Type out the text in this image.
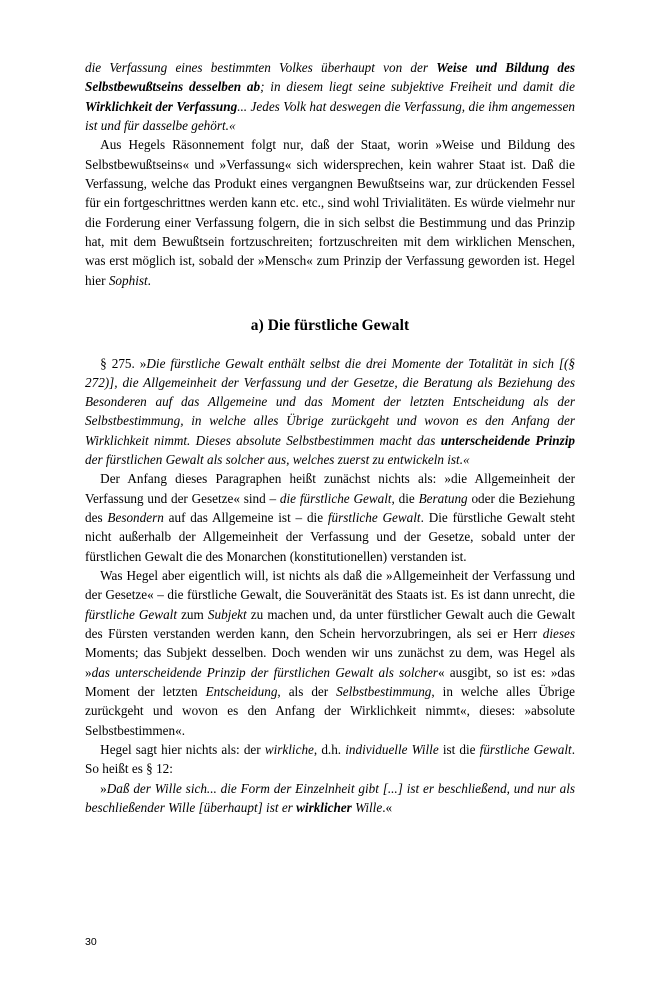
die Verfassung eines bestimmten Volkes überhaupt von der Weise und Bildung des Selbstbewußtseins desselben ab; in diesem liegt seine subjektive Freiheit und damit die Wirklichkeit der Verfassung... Jedes Volk hat deswegen die Verfassung, die ihm angemessen ist und für dasselbe gehört.«

Aus Hegels Räsonnement folgt nur, daß der Staat, worin »Weise und Bildung des Selbstbewußtseins« und »Verfassung« sich widersprechen, kein wahrer Staat ist. Daß die Verfassung, welche das Produkt eines vergangnen Bewußtseins war, zur drückenden Fessel für ein fortgeschrittnes werden kann etc. etc., sind wohl Trivialitäten. Es würde vielmehr nur die Forderung einer Verfassung folgern, die in sich selbst die Bestimmung und das Prinzip hat, mit dem Bewußtsein fortzuschreiten; fortzuschreiten mit dem wirklichen Menschen, was erst möglich ist, sobald der »Mensch« zum Prinzip der Verfassung geworden ist. Hegel hier Sophist.

a) Die fürstliche Gewalt

§ 275. »Die fürstliche Gewalt enthält selbst die drei Momente der Totalität in sich [(§ 272)], die Allgemeinheit der Verfassung und der Gesetze, die Beratung als Beziehung des Besonderen auf das Allgemeine und das Moment der letzten Entscheidung als der Selbstbestimmung, in welche alles Übrige zurückgeht und wovon es den Anfang der Wirklichkeit nimmt. Dieses absolute Selbstbestimmen macht das unterscheidende Prinzip der fürstlichen Gewalt als solcher aus, welches zuerst zu entwickeln ist.«

Der Anfang dieses Paragraphen heißt zunächst nichts als: »die Allgemeinheit der Verfassung und der Gesetze« sind – die fürstliche Gewalt, die Beratung oder die Beziehung des Besondern auf das Allgemeine ist – die fürstliche Gewalt. Die fürstliche Gewalt steht nicht außerhalb der Allgemeinheit der Verfassung und der Gesetze, sobald unter der fürstlichen Gewalt die des Monarchen (konstitutionellen) verstanden ist.

Was Hegel aber eigentlich will, ist nichts als daß die »Allgemeinheit der Verfassung und der Gesetze« – die fürstliche Gewalt, die Souveränität des Staats ist. Es ist dann unrecht, die fürstliche Gewalt zum Subjekt zu machen und, da unter fürstlicher Gewalt auch die Gewalt des Fürsten verstanden werden kann, den Schein hervorzubringen, als sei er Herr dieses Moments; das Subjekt desselben. Doch wenden wir uns zunächst zu dem, was Hegel als »das unterscheidende Prinzip der fürstlichen Gewalt als solcher« ausgibt, so ist es: »das Moment der letzten Entscheidung, als der Selbstbestimmung, in welche alles Übrige zurückgeht und wovon es den Anfang der Wirklichkeit nimmt«, dieses: »absolute Selbstbestimmen«.

Hegel sagt hier nichts als: der wirkliche, d.h. individuelle Wille ist die fürstliche Gewalt. So heißt es § 12:

»Daß der Wille sich... die Form der Einzelnheit gibt [...] ist er beschließend, und nur als beschließender Wille [überhaupt] ist er wirklicher Wille.«

30
